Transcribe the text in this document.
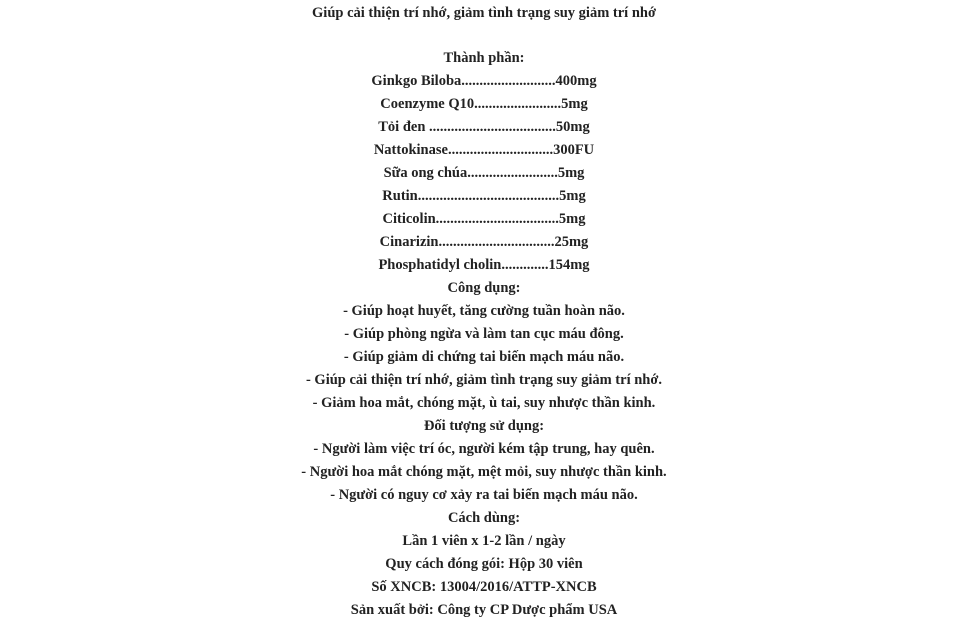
Giúp cải thiện trí nhớ, giảm tình trạng suy giảm trí nhớ
Thành phần:
Ginkgo Biloba..........................400mg
Coenzyme Q10........................5mg
Tỏi đen ...................................50mg
Nattokinase.............................300FU
Sữa ong chúa.........................5mg
Rutin.......................................5mg
Citicolin..................................5mg
Cinarizin................................25mg
Phosphatidyl cholin.............154mg
Công dụng:
- Giúp hoạt huyết, tăng cường tuần hoàn não.
- Giúp phòng ngừa và làm tan cục máu đông.
- Giúp giảm di chứng tai biến mạch máu não.
- Giúp cải thiện trí nhớ, giảm tình trạng suy giảm trí nhớ.
- Giảm hoa mắt, chóng mặt, ù tai, suy nhược thần kinh.
Đối tượng sử dụng:
- Người làm việc trí óc, người kém tập trung, hay quên.
- Người hoa mắt chóng mặt, mệt mỏi, suy nhược thần kinh.
- Người có nguy cơ xảy ra tai biến mạch máu não.
Cách dùng:
Lần 1 viên x 1-2 lần / ngày
Quy cách đóng gói: Hộp 30 viên
Số XNCB: 13004/2016/ATTP-XNCB
Sản xuất bởi: Công ty CP Dược phẩm USA
